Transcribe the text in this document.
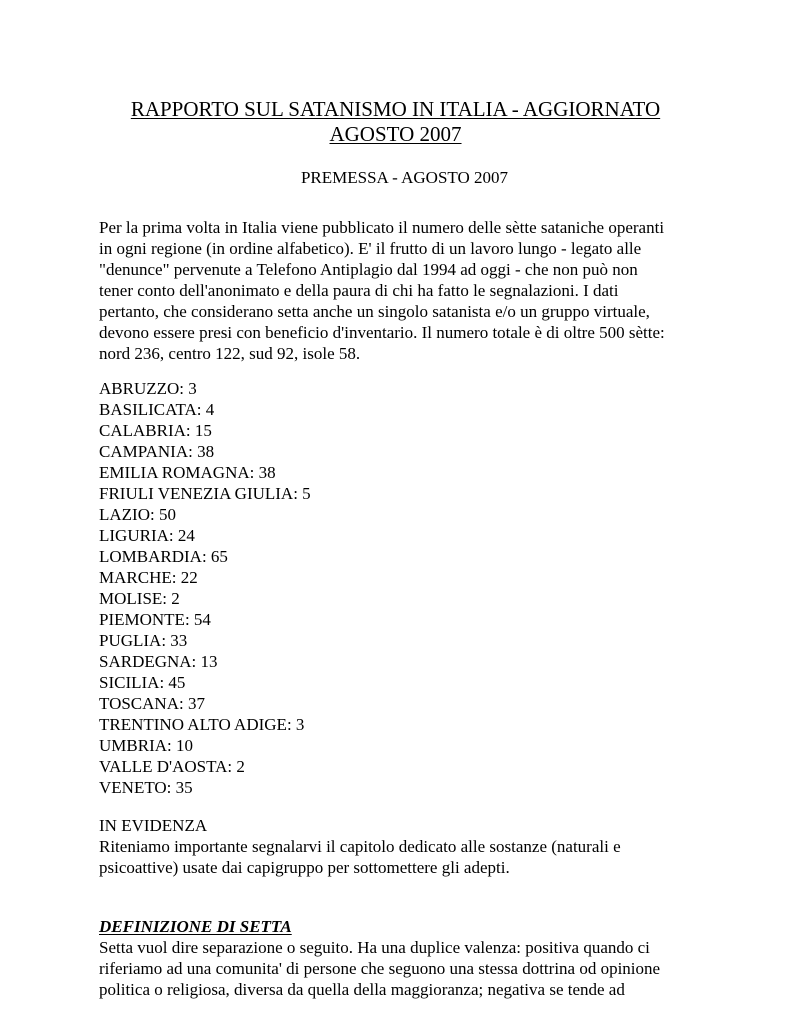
RAPPORTO SUL SATANISMO IN ITALIA - AGGIORNATO
AGOSTO 2007
PREMESSA - AGOSTO 2007
Per la prima volta in Italia viene pubblicato il numero delle sètte sataniche operanti
in ogni regione (in ordine alfabetico). E' il frutto di un lavoro lungo - legato alle
"denunce" pervenute a Telefono Antiplagio dal 1994 ad oggi - che non può non
tener conto dell'anonimato e della paura di chi ha fatto le segnalazioni. I dati
pertanto, che considerano setta anche un singolo satanista e/o un gruppo virtuale,
devono essere presi con beneficio d'inventario. Il numero totale è di oltre 500 sètte:
nord 236, centro 122, sud 92, isole 58.
ABRUZZO: 3
BASILICATA: 4
CALABRIA: 15
CAMPANIA: 38
EMILIA ROMAGNA: 38
FRIULI VENEZIA GIULIA: 5
LAZIO: 50
LIGURIA: 24
LOMBARDIA: 65
MARCHE: 22
MOLISE: 2
PIEMONTE: 54
PUGLIA: 33
SARDEGNA: 13
SICILIA: 45
TOSCANA: 37
TRENTINO ALTO ADIGE: 3
UMBRIA: 10
VALLE D'AOSTA: 2
VENETO: 35
IN EVIDENZA
Riteniamo importante segnalarvi il capitolo dedicato alle sostanze (naturali e
psicoattive) usate dai capigruppo per sottomettere gli adepti.
DEFINIZIONE DI SETTA
Setta vuol dire separazione o seguito. Ha una duplice valenza: positiva quando ci
riferiamo ad una comunita' di persone che seguono una stessa dottrina od opinione
politica o religiosa, diversa da quella della maggioranza; negativa se tende ad
